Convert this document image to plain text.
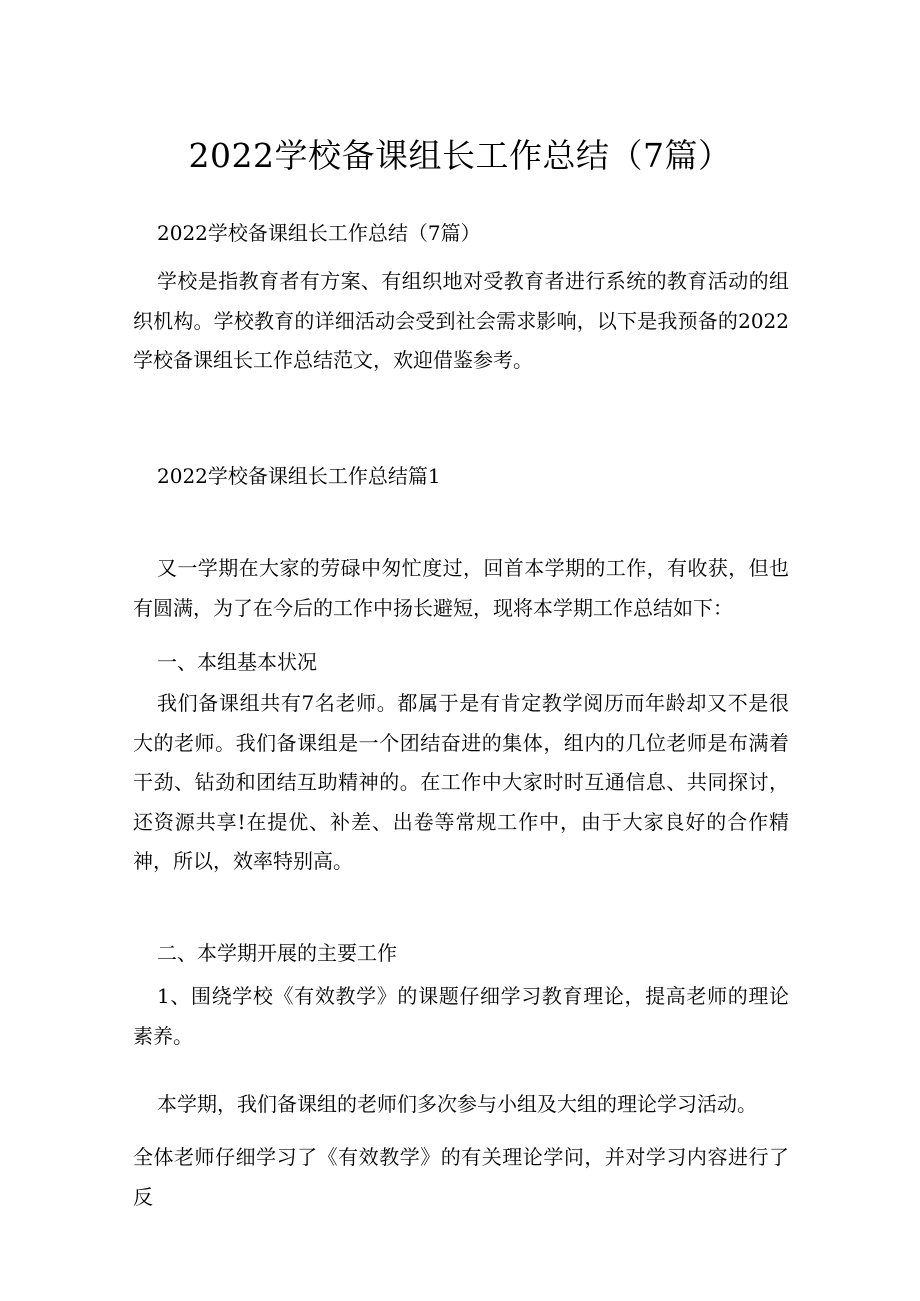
2022学校备课组长工作总结（7篇）
2022学校备课组长工作总结（7篇）

学校是指教育者有方案、有组织地对受教育者进行系统的教育活动的组织机构。学校教育的详细活动会受到社会需求影响，以下是我预备的2022学校备课组长工作总结范文，欢迎借鉴参考。

2022学校备课组长工作总结篇1

又一学期在大家的劳碌中匆忙度过，回首本学期的工作，有收获，但也有圆满，为了在今后的工作中扬长避短，现将本学期工作总结如下：

一、本组基本状况

我们备课组共有7名老师。都属于是有肯定教学阅历而年龄却又不是很大的老师。我们备课组是一个团结奋进的集体，组内的几位老师是布满着干劲、钻劲和团结互助精神的。在工作中大家时时互通信息、共同探讨，还资源共享!在提优、补差、出卷等常规工作中，由于大家良好的合作精神，所以，效率特别高。

二、本学期开展的主要工作

1、围绕学校《有效教学》的课题仔细学习教育理论，提高老师的理论素养。

本学期，我们备课组的老师们多次参与小组及大组的理论学习活动。

全体老师仔细学习了《有效教学》的有关理论学问，并对学习内容进行了反
